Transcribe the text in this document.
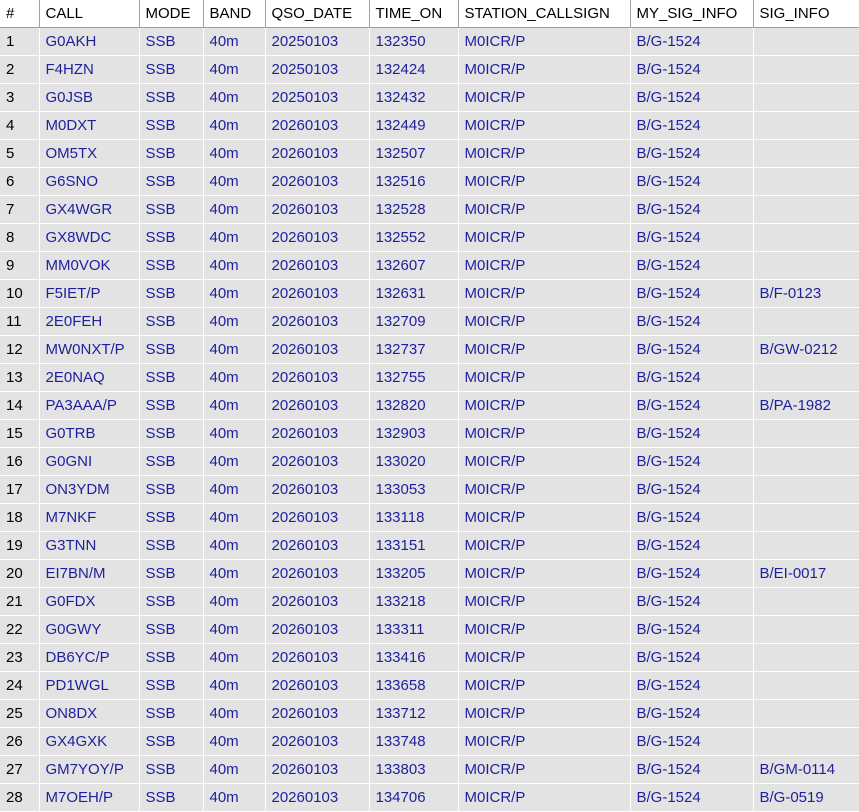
#	CALL	MODE	BAND	QSO_DATE	TIME_ON	STATION_CALLSIGN	MY_SIG_INFO	SIG_INFO
1	G0AKH	SSB	40m	20250103	132350	M0ICR/P	B/G-1524	
2	F4HZN	SSB	40m	20250103	132424	M0ICR/P	B/G-1524	
3	G0JSB	SSB	40m	20250103	132432	M0ICR/P	B/G-1524	
4	M0DXT	SSB	40m	20260103	132449	M0ICR/P	B/G-1524	
5	OM5TX	SSB	40m	20260103	132507	M0ICR/P	B/G-1524	
6	G6SNO	SSB	40m	20260103	132516	M0ICR/P	B/G-1524	
7	GX4WGR	SSB	40m	20260103	132528	M0ICR/P	B/G-1524	
8	GX8WDC	SSB	40m	20260103	132552	M0ICR/P	B/G-1524	
9	MM0VOK	SSB	40m	20260103	132607	M0ICR/P	B/G-1524	
10	F5IET/P	SSB	40m	20260103	132631	M0ICR/P	B/G-1524	B/F-0123
11	2E0FEH	SSB	40m	20260103	132709	M0ICR/P	B/G-1524	
12	MW0NXT/P	SSB	40m	20260103	132737	M0ICR/P	B/G-1524	B/GW-0212
13	2E0NAQ	SSB	40m	20260103	132755	M0ICR/P	B/G-1524	
14	PA3AAA/P	SSB	40m	20260103	132820	M0ICR/P	B/G-1524	B/PA-1982
15	G0TRB	SSB	40m	20260103	132903	M0ICR/P	B/G-1524	
16	G0GNI	SSB	40m	20260103	133020	M0ICR/P	B/G-1524	
17	ON3YDM	SSB	40m	20260103	133053	M0ICR/P	B/G-1524	
18	M7NKF	SSB	40m	20260103	133118	M0ICR/P	B/G-1524	
19	G3TNN	SSB	40m	20260103	133151	M0ICR/P	B/G-1524	
20	EI7BN/M	SSB	40m	20260103	133205	M0ICR/P	B/G-1524	B/EI-0017
21	G0FDX	SSB	40m	20260103	133218	M0ICR/P	B/G-1524	
22	G0GWY	SSB	40m	20260103	133311	M0ICR/P	B/G-1524	
23	DB6YC/P	SSB	40m	20260103	133416	M0ICR/P	B/G-1524	
24	PD1WGL	SSB	40m	20260103	133658	M0ICR/P	B/G-1524	
25	ON8DX	SSB	40m	20260103	133712	M0ICR/P	B/G-1524	
26	GX4GXK	SSB	40m	20260103	133748	M0ICR/P	B/G-1524	
27	GM7YOY/P	SSB	40m	20260103	133803	M0ICR/P	B/G-1524	B/GM-0114
28	M7OEH/P	SSB	40m	20260103	134706	M0ICR/P	B/G-1524	B/G-0519
